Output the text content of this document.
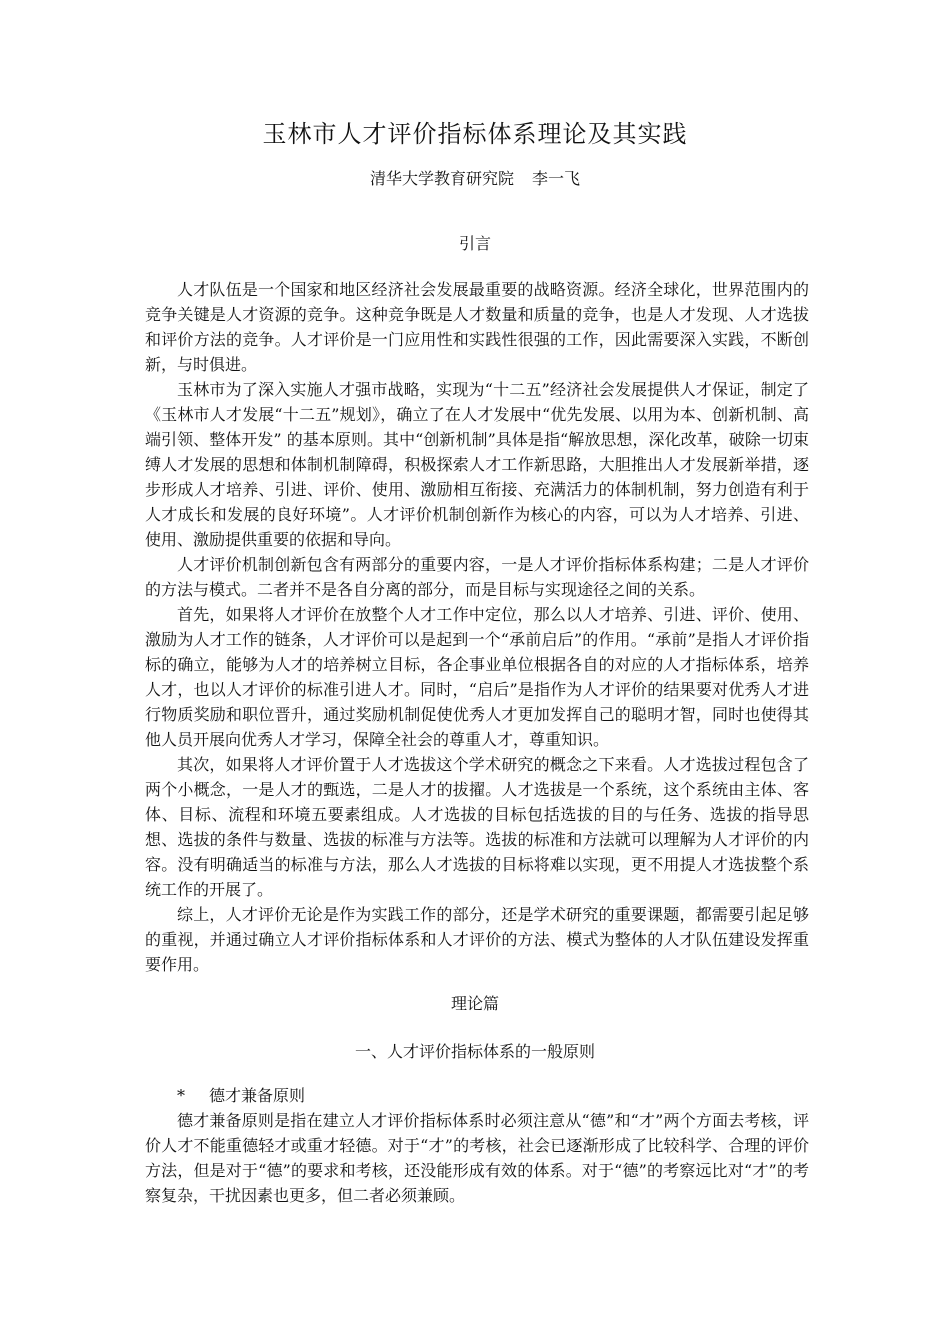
玉林市人才评价指标体系理论及其实践
清华大学教育研究院 李一飞
引言

人才队伍是一个国家和地区经济社会发展最重要的战略资源。经济全球化，世界范围内的竞争关键是人才资源的竞争。这种竞争既是人才数量和质量的竞争，也是人才发现、人才选拔和评价方法的竞争。人才评价是一门应用性和实践性很强的工作，因此需要深入实践，不断创新，与时俱进。

玉林市为了深入实施人才强市战略，实现为“十二五”经济社会发展提供人才保证，制定了《玉林市人才发展“十二五”规划》，确立了在人才发展中“优先发展、以用为本、创新机制、高端引领、整体开发” 的基本原则。其中“创新机制”具体是指“解放思想，深化改革，破除一切束缚人才发展的思想和体制机制障碍，积极探索人才工作新思路，大胆推出人才发展新举措，逐步形成人才培养、引进、评价、使用、激励相互衔接、充满活力的体制机制，努力创造有利于人才成长和发展的良好环境”。人才评价机制创新作为核心的内容，可以为人才培养、引进、使用、激励提供重要的依据和导向。

人才评价机制创新包含有两部分的重要内容，一是人才评价指标体系构建；二是人才评价的方法与模式。二者并不是各自分离的部分，而是目标与实现途径之间的关系。

首先，如果将人才评价在放整个人才工作中定位，那么以人才培养、引进、评价、使用、激励为人才工作的链条，人才评价可以是起到一个“承前启后”的作用。“承前”是指人才评价指标的确立，能够为人才的培养树立目标，各企事业单位根据各自的对应的人才指标体系，培养人才，也以人才评价的标准引进人才。同时，“启后”是指作为人才评价的结果要对优秀人才进行物质奖励和职位晋升，通过奖励机制促使优秀人才更加发挥自己的聪明才智，同时也使得其他人员开展向优秀人才学习，保障全社会的尊重人才，尊重知识。

其次，如果将人才评价置于人才选拔这个学术研究的概念之下来看。人才选拔过程包含了两个小概念，一是人才的甄选，二是人才的拔擢。人才选拔是一个系统，这个系统由主体、客体、目标、流程和环境五要素组成。人才选拔的目标包括选拔的目的与任务、选拔的指导思想、选拔的条件与数量、选拔的标准与方法等。选拔的标准和方法就可以理解为人才评价的内容。没有明确适当的标准与方法，那么人才选拔的目标将难以实现，更不用提人才选拔整个系统工作的开展了。

综上，人才评价无论是作为实践工作的部分，还是学术研究的重要课题，都需要引起足够的重视，并通过确立人才评价指标体系和人才评价的方法、模式为整体的人才队伍建设发挥重要作用。

理论篇
一、人才评价指标体系的一般原则
* 德才兼备原则

德才兼备原则是指在建立人才评价指标体系时必须注意从“德”和“才”两个方面去考核，评价人才不能重德轻才或重才轻德。对于“才”的考核，社会已逐渐形成了比较科学、合理的评价方法，但是对于“德”的要求和考核，还没能形成有效的体系。对于“德”的考察远比对“才”的考察复杂，干扰因素也更多，但二者必须兼顾。
